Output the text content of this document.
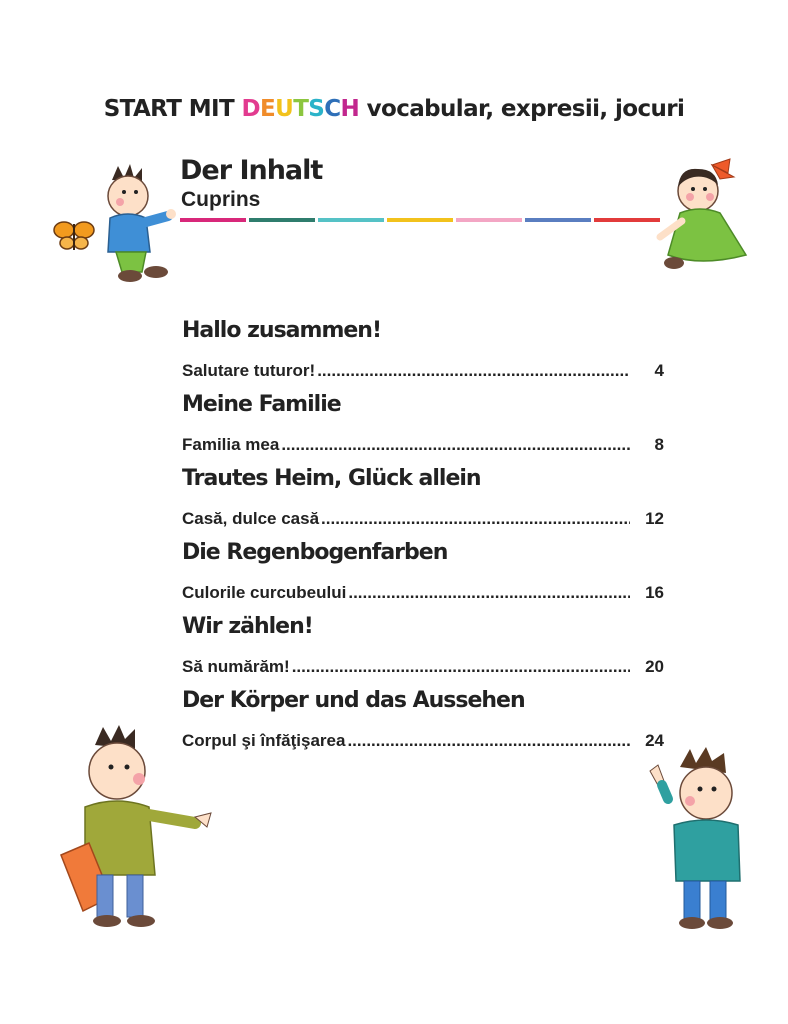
START MIT DEUTSCH vocabular, expresii, jocuri
Der Inhalt
Cuprins
Hallo zusammen!
Salutare tuturor! .....	4
Meine Familie
Familia mea .....	8
Trautes Heim, Glück allein
Casă, dulce casă .....	12
Die Regenbogenfarben
Culorile curcubeului .....	16
Wir zählen!
Să numărăm! .....	20
Der Körper und das Aussehen
Corpul şi înfăţişarea .....	24
